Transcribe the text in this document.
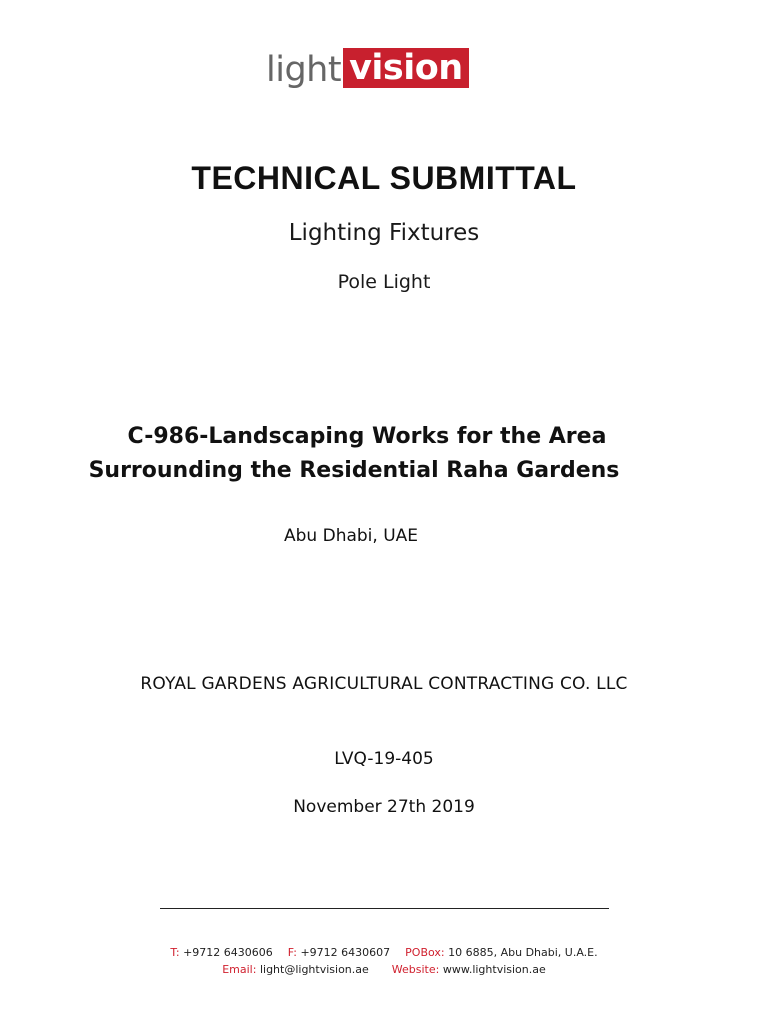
light vision
TECHNICAL SUBMITTAL
Lighting Fixtures
Pole Light
C-986-Landscaping Works for the Area
Surrounding the Residential Raha Gardens
Abu Dhabi, UAE
ROYAL GARDENS AGRICULTURAL CONTRACTING CO. LLC
LVQ-19-405
November 27th 2019
T: +9712 6430606 F: +9712 6430607 POBox: 10 6885, Abu Dhabi, U.A.E.
Email: light@lightvision.ae Website: www.lightvision.ae
